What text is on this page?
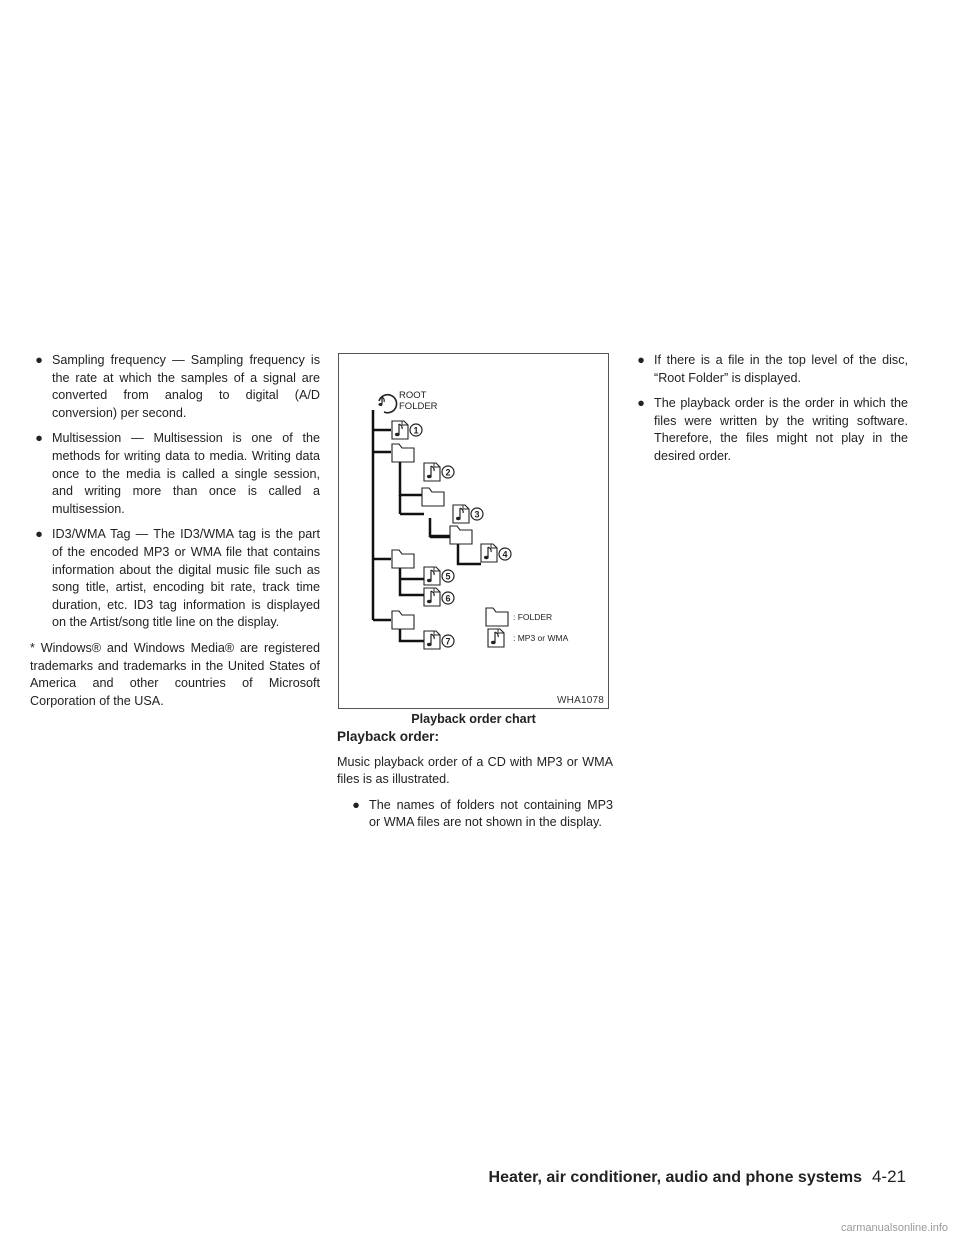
● Sampling frequency — Sampling frequency is the rate at which the samples of a signal are converted from analog to digital (A/D conversion) per second.
● Multisession — Multisession is one of the methods for writing data to media. Writing data once to the media is called a single session, and writing more than once is called a multisession.
● ID3/WMA Tag — The ID3/WMA tag is the part of the encoded MP3 or WMA file that contains information about the digital music file such as song title, artist, encoding bit rate, track time duration, etc. ID3 tag information is displayed on the Artist/song title line on the display.

* Windows® and Windows Media® are registered trademarks and trademarks in the United States of America and other countries of Microsoft Corporation of the USA.

ROOT
FOLDER
1
2
3
4
5
6
7
: FOLDER
: MP3 or WMA
WHA1078
Playback order chart
Playback order:

Music playback order of a CD with MP3 or WMA files is as illustrated.

● The names of folders not containing MP3 or WMA files are not shown in the display.
● If there is a file in the top level of the disc, “Root Folder” is displayed.
● The playback order is the order in which the files were written by the writing software. Therefore, the files might not play in the desired order.
Heater, air conditioner, audio and phone systems 4-21
carmanualsonline.info
